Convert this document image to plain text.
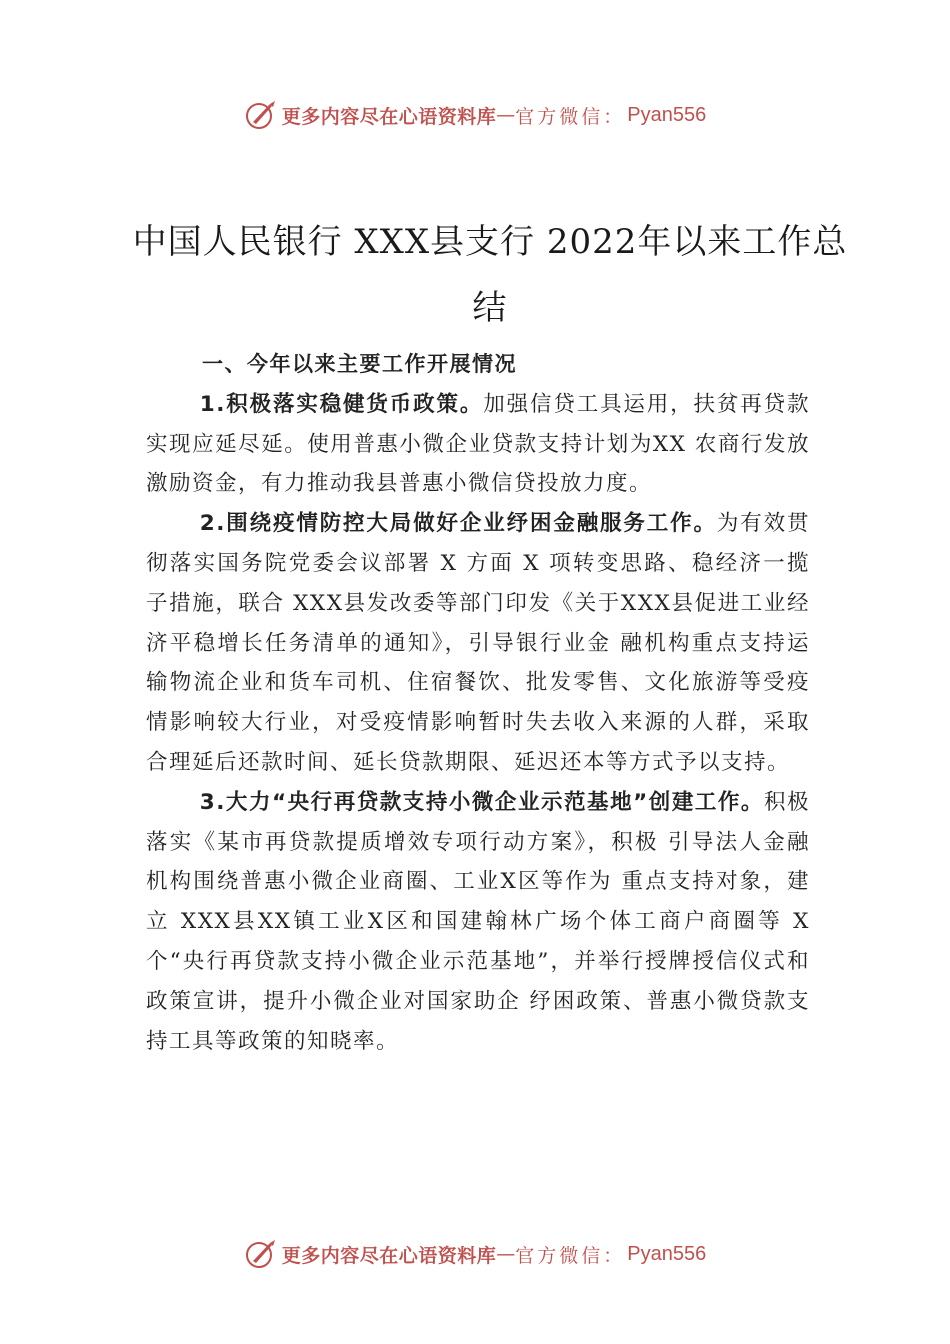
更多内容尽在心语资料库 — 官方微信： Pyan556
中国人民银行 XXX县支行 2022年以来工作总结

一、今年以来主要工作开展情况

1.积极落实稳健货币政策。加强信贷工具运用，扶贫再贷款实现应延尽延。使用普惠小微企业贷款支持计划为XX 农商行发放激励资金，有力推动我县普惠小微信贷投放力度。

2.围绕疫情防控大局做好企业纾困金融服务工作。为有效贯彻落实国务院党委会议部署 X 方面 X 项转变思路、稳经济一揽子措施，联合 XXX县发改委等部门印发《关于XXX县促进工业经济平稳增长任务清单的通知》，引导银行业金 融机构重点支持运输物流企业和货车司机、住宿餐饮、批发零售、文化旅游等受疫情影响较大行业，对受疫情影响暂时失去收入来源的人群，采取合理延后还款时间、延长贷款期限、延迟还本等方式予以支持。

3.大力“央行再贷款支持小微企业示范基地”创建工作。积极落实《某市再贷款提质增效专项行动方案》，积极 引导法人金融机构围绕普惠小微企业商圈、工业X区等作为 重点支持对象，建立 XXX县XX镇工业X区和国建翰林广场个体工商户商圈等 X个“央行再贷款支持小微企业示范基地”，并举行授牌授信仪式和政策宣讲，提升小微企业对国家助企 纾困政策、普惠小微贷款支持工具等政策的知晓率。

更多内容尽在心语资料库 — 官方微信： Pyan556
